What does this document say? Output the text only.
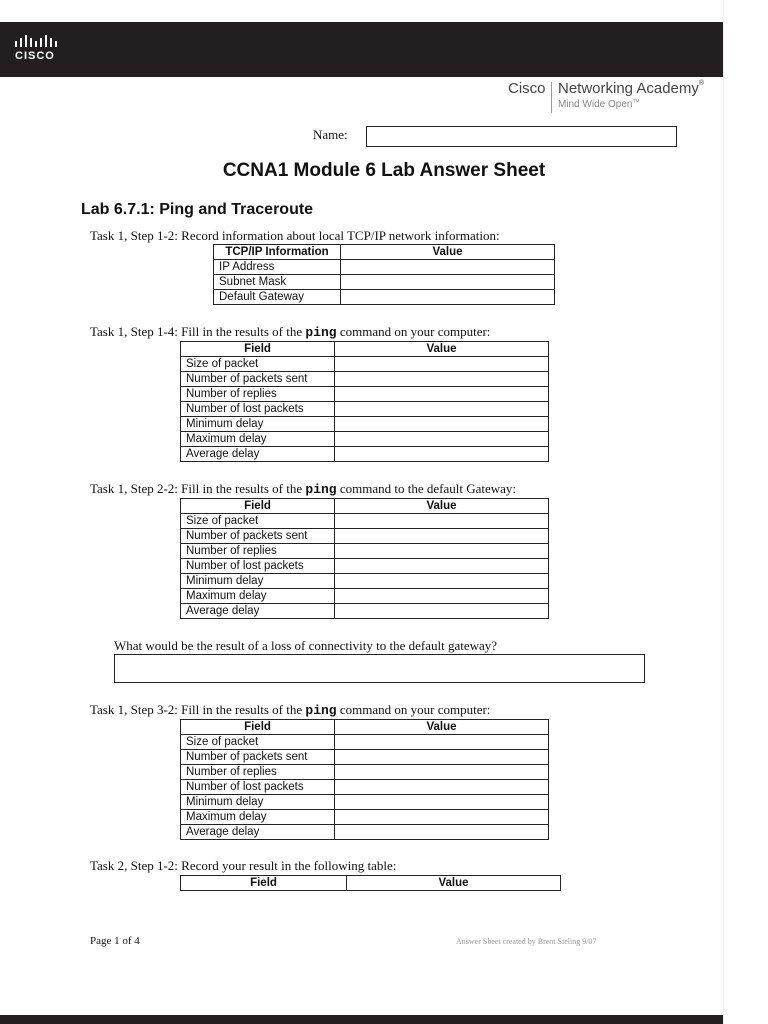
CISCO
Cisco Networking Academy®
Mind Wide Open™
Name:
CCNA1 Module 6 Lab Answer Sheet
Lab 6.7.1: Ping and Traceroute
Task 1, Step 1-2: Record information about local TCP/IP network information:
TCP/IP Information	Value
IP Address	
Subnet Mask	
Default Gateway	
Task 1, Step 1-4: Fill in the results of the ping command on your computer:
Field	Value
Size of packet	
Number of packets sent	
Number of replies	
Number of lost packets	
Minimum delay	
Maximum delay	
Average delay	
Task 1, Step 2-2: Fill in the results of the ping command to the default Gateway:
Field	Value
Size of packet	
Number of packets sent	
Number of replies	
Number of lost packets	
Minimum delay	
Maximum delay	
Average delay	
What would be the result of a loss of connectivity to the default gateway?
Task 1, Step 3-2: Fill in the results of the ping command on your computer:
Field	Value
Size of packet	
Number of packets sent	
Number of replies	
Number of lost packets	
Minimum delay	
Maximum delay	
Average delay	
Task 2, Step 1-2: Record your result in the following table:
Field	Value
Page 1 of 4	Answer Sheet created by Brent Sieling 9/07
